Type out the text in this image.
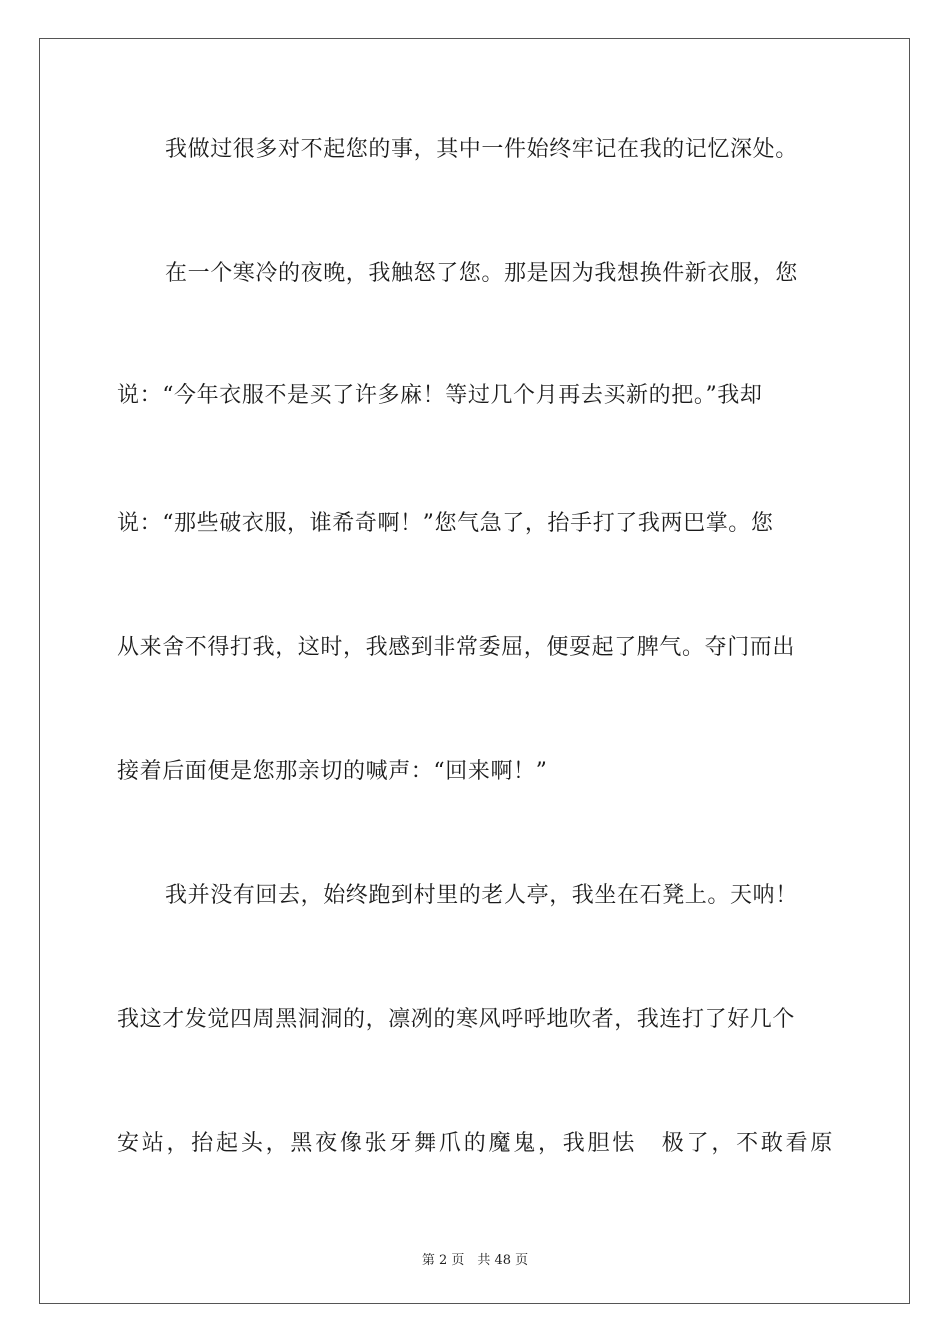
我做过很多对不起您的事，其中一件始终牢记在我的记忆深处。
在一个寒冷的夜晚，我触怒了您。那是因为我想换件新衣服，您
说：“今年衣服不是买了许多麻！等过几个月再去买新的把。”我却
说：“那些破衣服，谁希奇啊！”您气急了，抬手打了我两巴掌。您
从来舍不得打我，这时，我感到非常委屈，便耍起了脾气。夺门而出
接着后面便是您那亲切的喊声：“回来啊！”
我并没有回去，始终跑到村里的老人亭，我坐在石凳上。天呐！
我这才发觉四周黑洞洞的，凛冽的寒风呼呼地吹者，我连打了好几个
安站，抬起头，黑夜像张牙舞爪的魔鬼，我胆怯　极了，不敢看原
第 2 页　共 48 页
